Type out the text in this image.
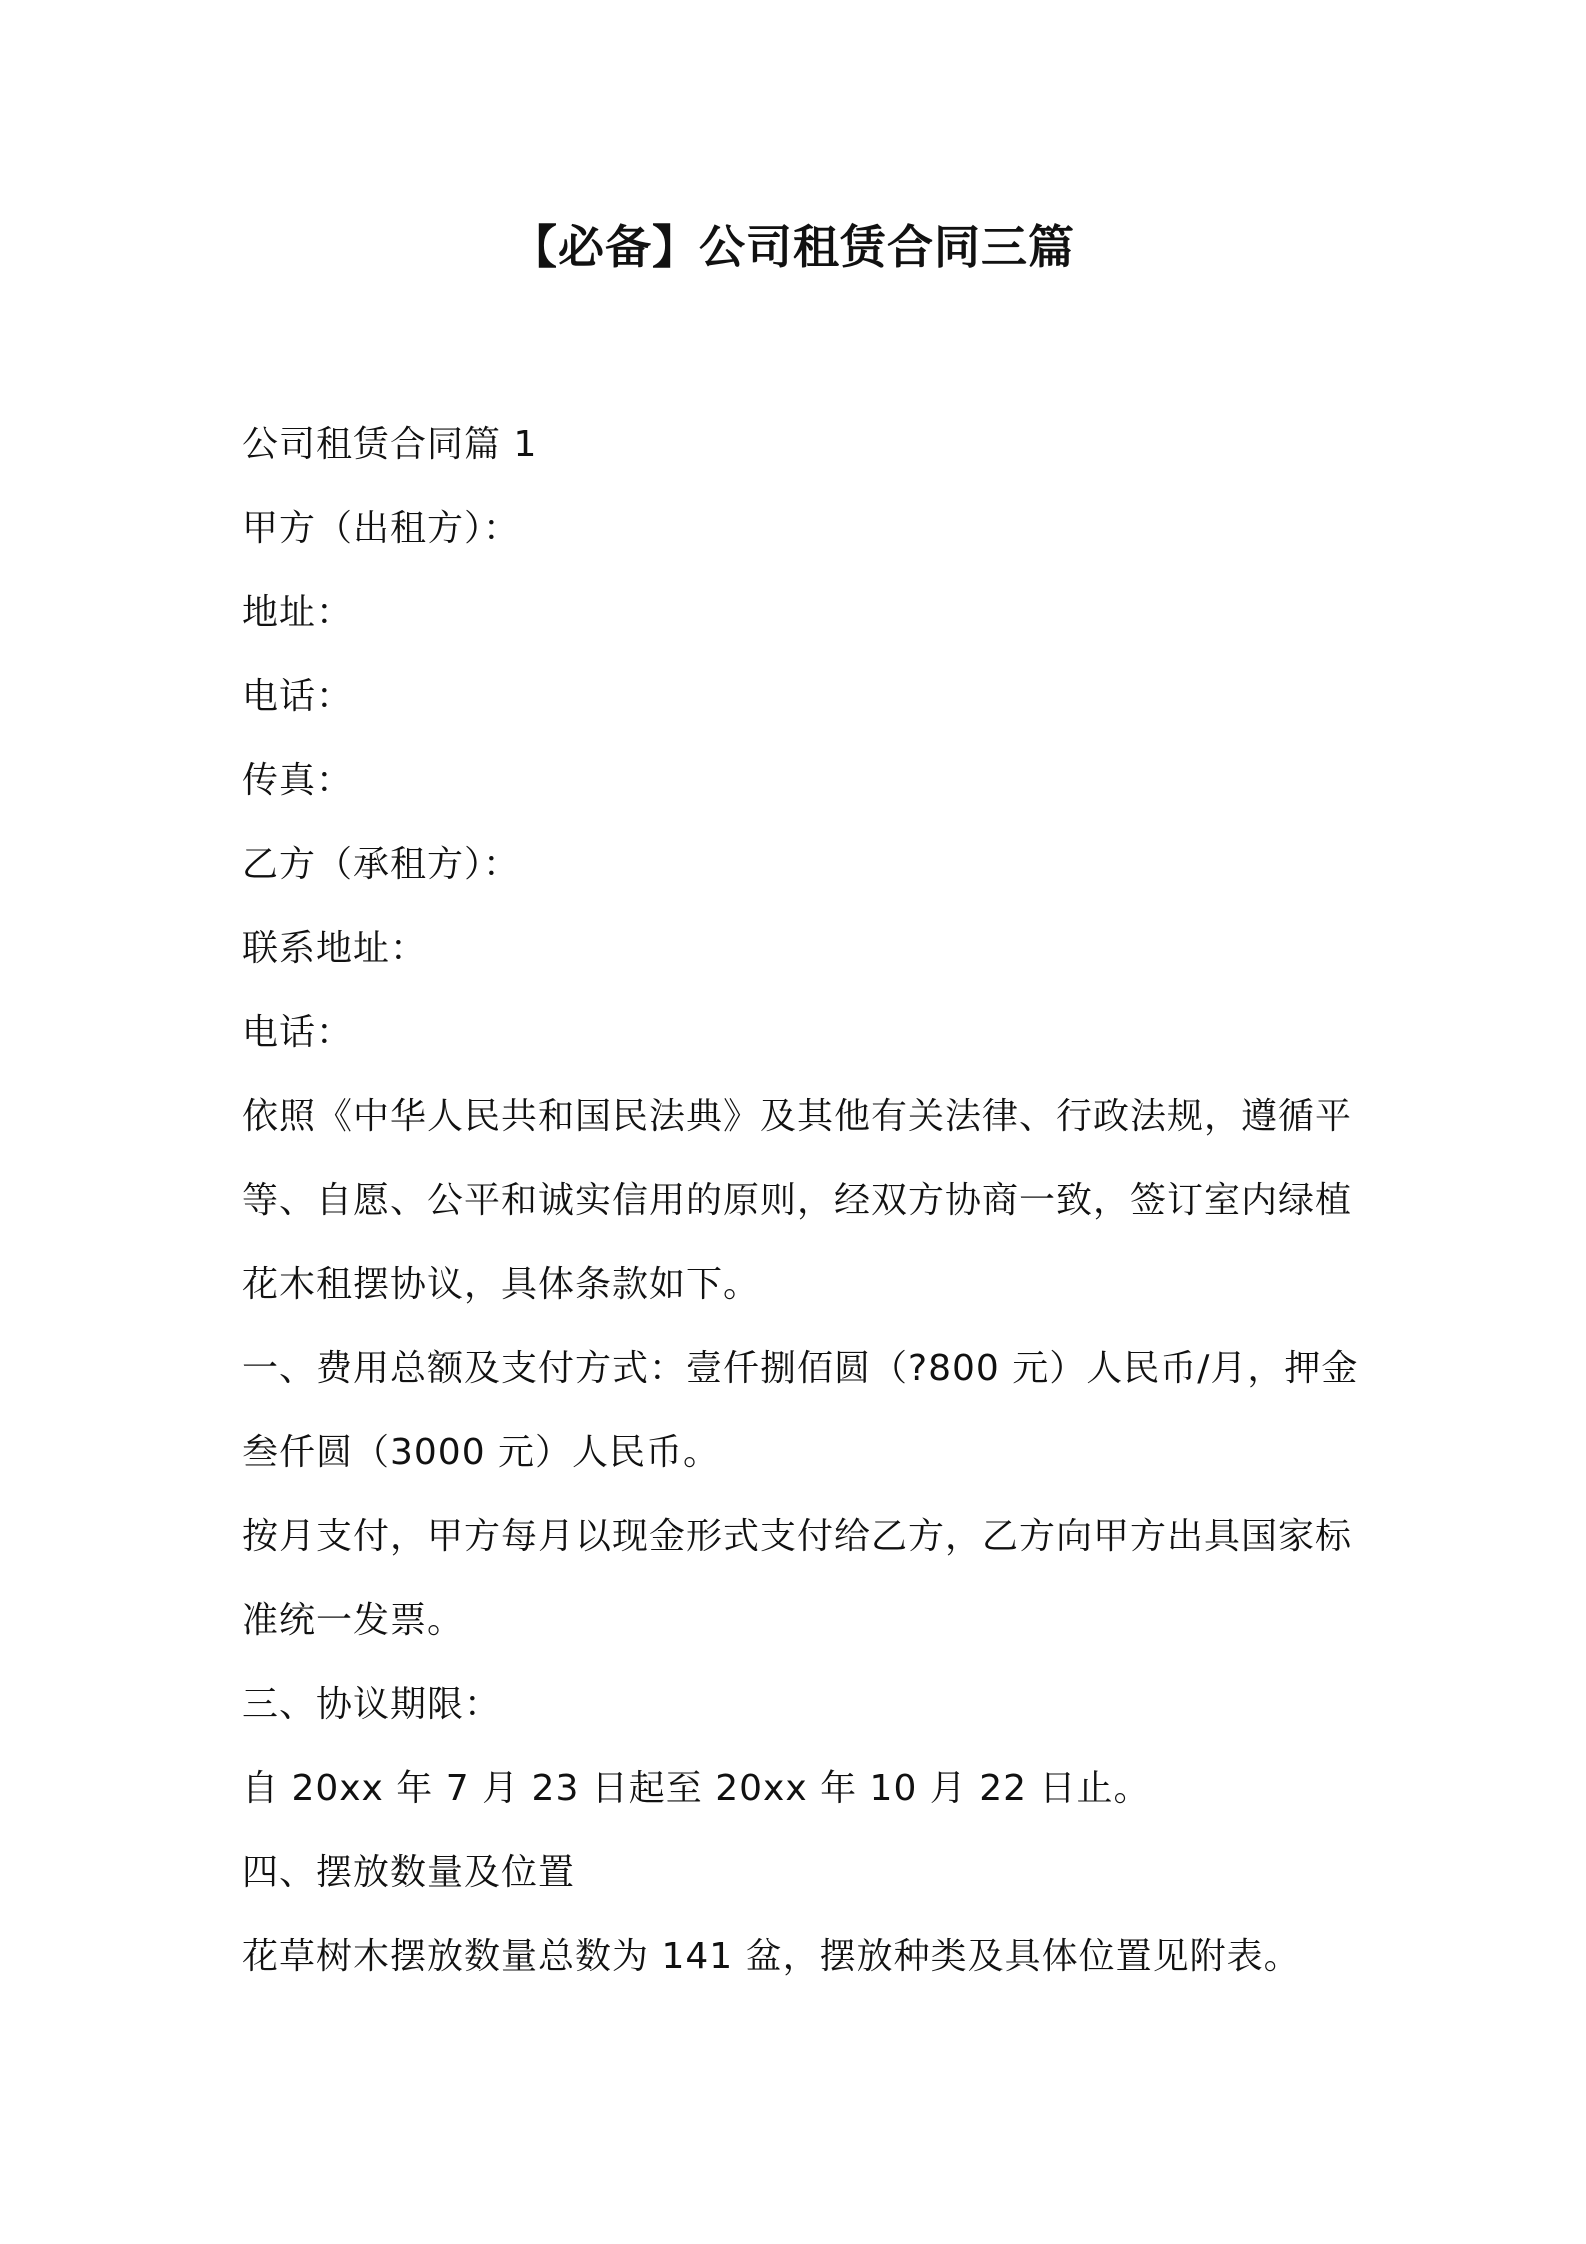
【必备】公司租赁合同三篇

公司租赁合同篇 1

甲方（出租方）：

地址：

电话：

传真：

乙方（承租方）：

联系地址：

电话：

依照《中华人民共和国民法典》及其他有关法律、行政法规，遵循平等、自愿、公平和诚实信用的原则，经双方协商一致，签订室内绿植花木租摆协议，具体条款如下。

一、费用总额及支付方式：壹仟捌佰圆（?800 元）人民币/月，押金叁仟圆（3000 元）人民币。

按月支付，甲方每月以现金形式支付给乙方，乙方向甲方出具国家标准统一发票。

三、协议期限：

自 20xx 年 7 月 23 日起至 20xx 年 10 月 22 日止。

四、摆放数量及位置

花草树木摆放数量总数为 141 盆，摆放种类及具体位置见附表。
